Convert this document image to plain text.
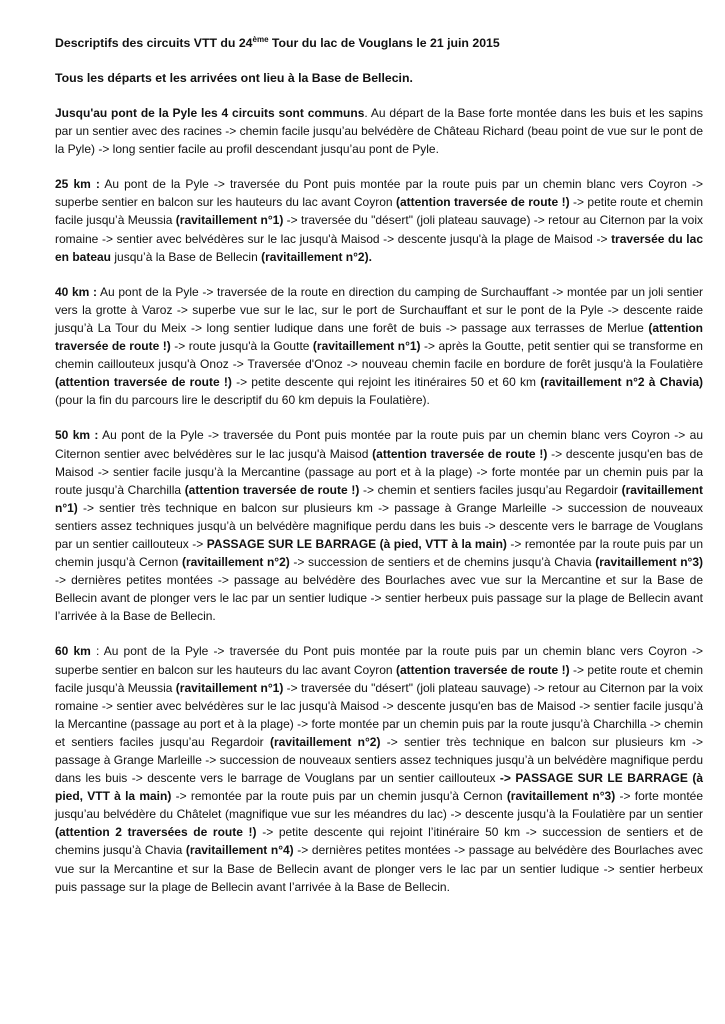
Descriptifs des circuits VTT du 24ème Tour du lac de Vouglans le 21 juin 2015
Tous les départs et les arrivées ont lieu à la Base de Bellecin.

Jusqu'au pont de la Pyle les 4 circuits sont communs. Au départ de la Base forte montée dans les buis et les sapins par un sentier avec des racines -> chemin facile jusqu’au belvédère de Château Richard (beau point de vue sur le pont de la Pyle) -> long sentier facile au profil descendant jusqu’au pont de Pyle.

25 km : Au pont de la Pyle -> traversée du Pont puis montée par la route puis par un chemin blanc vers Coyron -> superbe sentier en balcon sur les hauteurs du lac avant Coyron (attention traversée de route !) -> petite route et chemin facile jusqu’à Meussia (ravitaillement n°1) -> traversée du "désert" (joli plateau sauvage) -> retour au Citernon par la voix romaine -> sentier avec belvédères sur le lac jusqu'à Maisod -> descente jusqu'à la plage de Maisod -> traversée du lac en bateau jusqu’à la Base de Bellecin (ravitaillement n°2).

40 km : Au pont de la Pyle -> traversée de la route en direction du camping de Surchauffant -> montée par un joli sentier vers la grotte à Varoz -> superbe vue sur le lac, sur le port de Surchauffant et sur le pont de la Pyle -> descente raide jusqu’à La Tour du Meix -> long sentier ludique dans une forêt de buis -> passage aux terrasses de Merlue (attention traversée de route !) -> route jusqu'à la Goutte (ravitaillement n°1) -> après la Goutte, petit sentier qui se transforme en chemin caillouteux jusqu'à Onoz -> Traversée d'Onoz -> nouveau chemin facile en bordure de forêt jusqu'à la Foulatière (attention traversée de route !) -> petite descente qui rejoint les itinéraires 50 et 60 km (ravitaillement n°2 à Chavia) (pour la fin du parcours lire le descriptif du 60 km depuis la Foulatière).

50 km : Au pont de la Pyle -> traversée du Pont puis montée par la route puis par un chemin blanc vers Coyron -> au Citernon sentier avec belvédères sur le lac jusqu'à Maisod (attention traversée de route !) -> descente jusqu'en bas de Maisod -> sentier facile jusqu’à la Mercantine (passage au port et à la plage) -> forte montée par un chemin puis par la route jusqu’à Charchilla (attention traversée de route !) -> chemin et sentiers faciles jusqu’au Regardoir (ravitaillement n°1) -> sentier très technique en balcon sur plusieurs km -> passage à Grange Marleille -> succession de nouveaux sentiers assez techniques jusqu’à un belvédère magnifique perdu dans les buis -> descente vers le barrage de Vouglans par un sentier caillouteux -> PASSAGE SUR LE BARRAGE (à pied, VTT à la main) -> remontée par la route puis par un chemin jusqu’à Cernon (ravitaillement n°2) -> succession de sentiers et de chemins jusqu’à Chavia (ravitaillement n°3) -> dernières petites montées -> passage au belvédère des Bourlaches avec vue sur la Mercantine et sur la Base de Bellecin avant de plonger vers le lac par un sentier ludique -> sentier herbeux puis passage sur la plage de Bellecin avant l’arrivée à la Base de Bellecin.

60 km : Au pont de la Pyle -> traversée du Pont puis montée par la route puis par un chemin blanc vers Coyron -> superbe sentier en balcon sur les hauteurs du lac avant Coyron (attention traversée de route !) -> petite route et chemin facile jusqu’à Meussia (ravitaillement n°1) -> traversée du "désert" (joli plateau sauvage) -> retour au Citernon par la voix romaine -> sentier avec belvédères sur le lac jusqu'à Maisod -> descente jusqu'en bas de Maisod -> sentier facile jusqu’à la Mercantine (passage au port et à la plage) -> forte montée par un chemin puis par la route jusqu’à Charchilla -> chemin et sentiers faciles jusqu’au Regardoir (ravitaillement n°2) -> sentier très technique en balcon sur plusieurs km -> passage à Grange Marleille -> succession de nouveaux sentiers assez techniques jusqu’à un belvédère magnifique perdu dans les buis -> descente vers le barrage de Vouglans par un sentier caillouteux -> PASSAGE SUR LE BARRAGE (à pied, VTT à la main) -> remontée par la route puis par un chemin jusqu’à Cernon (ravitaillement n°3) -> forte montée jusqu’au belvédère du Châtelet (magnifique vue sur les méandres du lac) -> descente jusqu’à la Foulatière par un sentier (attention 2 traversées de route !) -> petite descente qui rejoint l’itinéraire 50 km -> succession de sentiers et de chemins jusqu’à Chavia (ravitaillement n°4) -> dernières petites montées -> passage au belvédère des Bourlaches avec vue sur la Mercantine et sur la Base de Bellecin avant de plonger vers le lac par un sentier ludique -> sentier herbeux puis passage sur la plage de Bellecin avant l’arrivée à la Base de Bellecin.
